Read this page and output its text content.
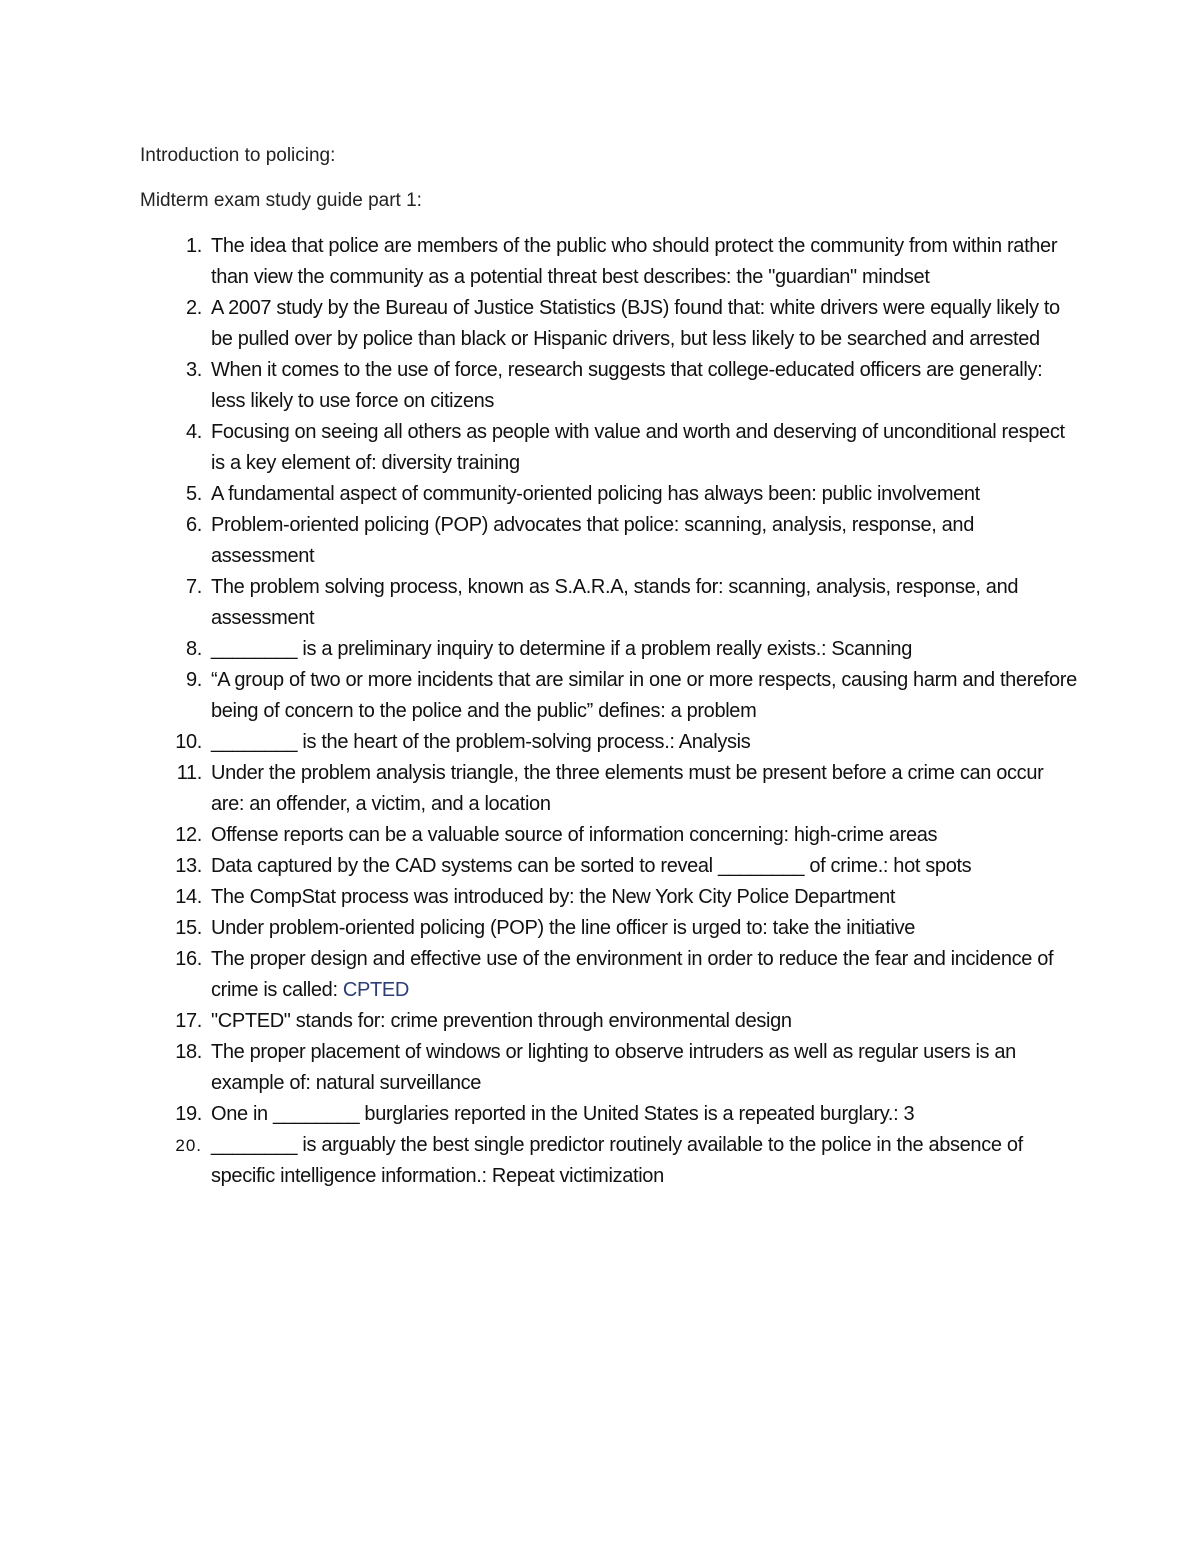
Introduction to policing:
Midterm exam study guide part 1:
1. The idea that police are members of the public who should protect the community from within rather than view the community as a potential threat best describes: the "guardian" mindset
2. A 2007 study by the Bureau of Justice Statistics (BJS) found that: white drivers were equally likely to be pulled over by police than black or Hispanic drivers, but less likely to be searched and arrested
3. When it comes to the use of force, research suggests that college-educated officers are generally: less likely to use force on citizens
4. Focusing on seeing all others as people with value and worth and deserving of unconditional respect is a key element of: diversity training
5. A fundamental aspect of community-oriented policing has always been: public involvement
6. Problem-oriented policing (POP) advocates that police: scanning, analysis, response, and assessment
7. The problem solving process, known as S.A.R.A, stands for: scanning, analysis, response, and assessment
8. ________ is a preliminary inquiry to determine if a problem really exists.: Scanning
9. “A group of two or more incidents that are similar in one or more respects, causing harm and therefore being of concern to the police and the public” defines: a problem
10. ________ is the heart of the problem-solving process.: Analysis
11. Under the problem analysis triangle, the three elements must be present before a crime can occur are: an offender, a victim, and a location
12. Offense reports can be a valuable source of information concerning: high-crime areas
13. Data captured by the CAD systems can be sorted to reveal ________ of crime.: hot spots
14. The CompStat process was introduced by: the New York City Police Department
15. Under problem-oriented policing (POP) the line officer is urged to: take the initiative
16. The proper design and effective use of the environment in order to reduce the fear and incidence of crime is called: CPTED
17. "CPTED" stands for: crime prevention through environmental design
18. The proper placement of windows or lighting to observe intruders as well as regular users is an example of: natural surveillance
19. One in ________ burglaries reported in the United States is a repeated burglary.: 3
20. ________ is arguably the best single predictor routinely available to the police in the absence of specific intelligence information.: Repeat victimization
